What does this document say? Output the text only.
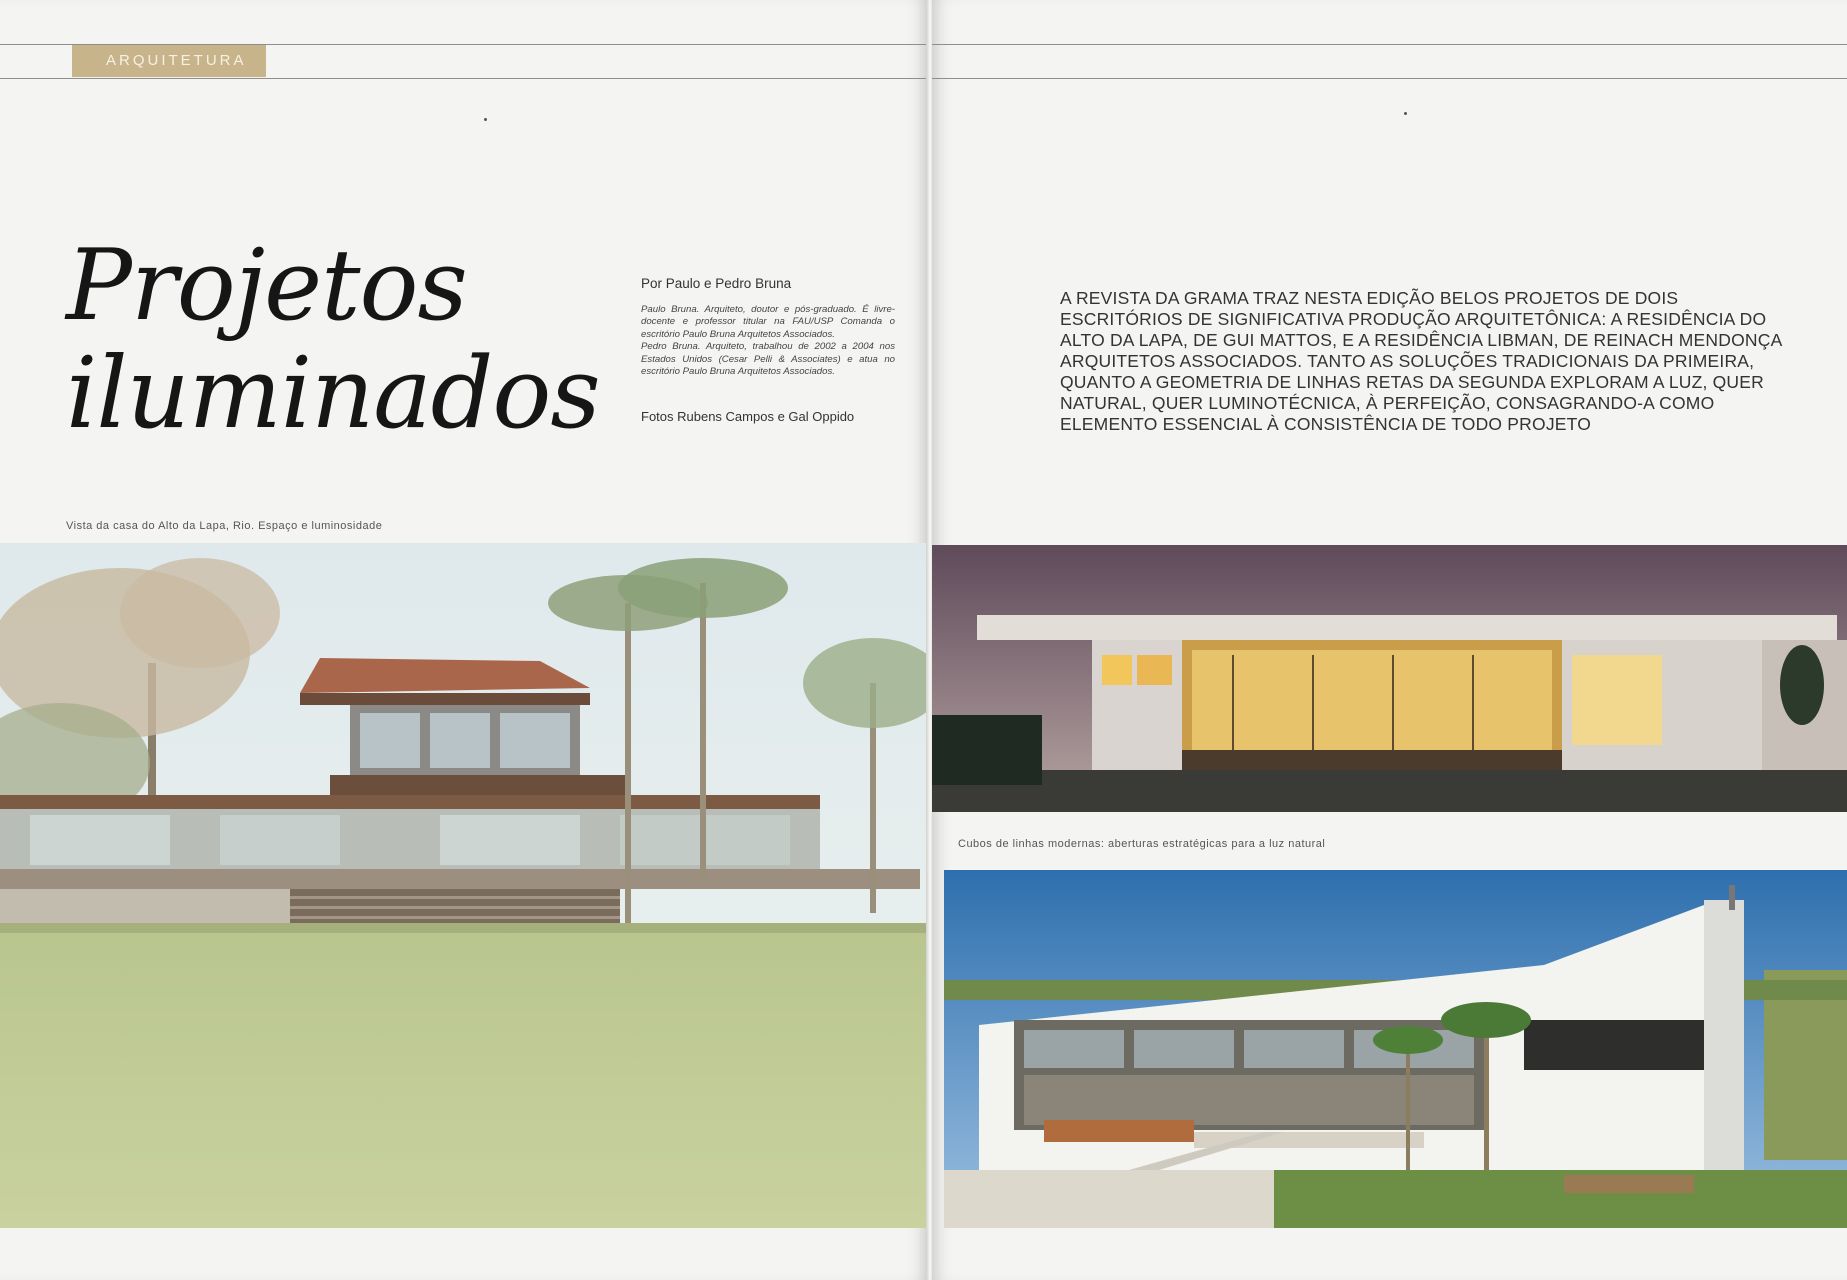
ARQUITETURA
Projetos
iluminados
Por Paulo e Pedro Bruna

Paulo Bruna. Arquiteto, doutor e pós-graduado. É livre-docente e professor titular na FAU/USP Comanda o escritório Paulo Bruna Arquitetos Associados.

Pedro Bruna. Arquiteto, trabalhou de 2002 a 2004 nos Estados Unidos (Cesar Pelli & Associates) e atua no escritório Paulo Bruna Arquitetos Associados.

Fotos Rubens Campos e Gal Oppido
Vista da casa do Alto da Lapa, Rio. Espaço e luminosidade
A REVISTA DA GRAMA TRAZ NESTA EDIÇÃO BELOS PROJETOS DE DOIS ESCRITÓRIOS DE SIGNIFICATIVA PRODUÇÃO ARQUITETÔNICA: A RESIDÊNCIA DO ALTO DA LAPA, DE GUI MATTOS, E A RESIDÊNCIA LIBMAN, DE REINACH MENDONÇA ARQUITETOS ASSOCIADOS. TANTO AS SOLUÇÕES TRADICIONAIS DA PRIMEIRA, QUANTO A GEOMETRIA DE LINHAS RETAS DA SEGUNDA EXPLORAM A LUZ, QUER NATURAL, QUER LUMINOTÉCNICA, À PERFEIÇÃO, CONSAGRANDO-A COMO ELEMENTO ESSENCIAL À CONSISTÊNCIA DE TODO PROJETO
Cubos de linhas modernas: aberturas estratégicas para a luz natural
